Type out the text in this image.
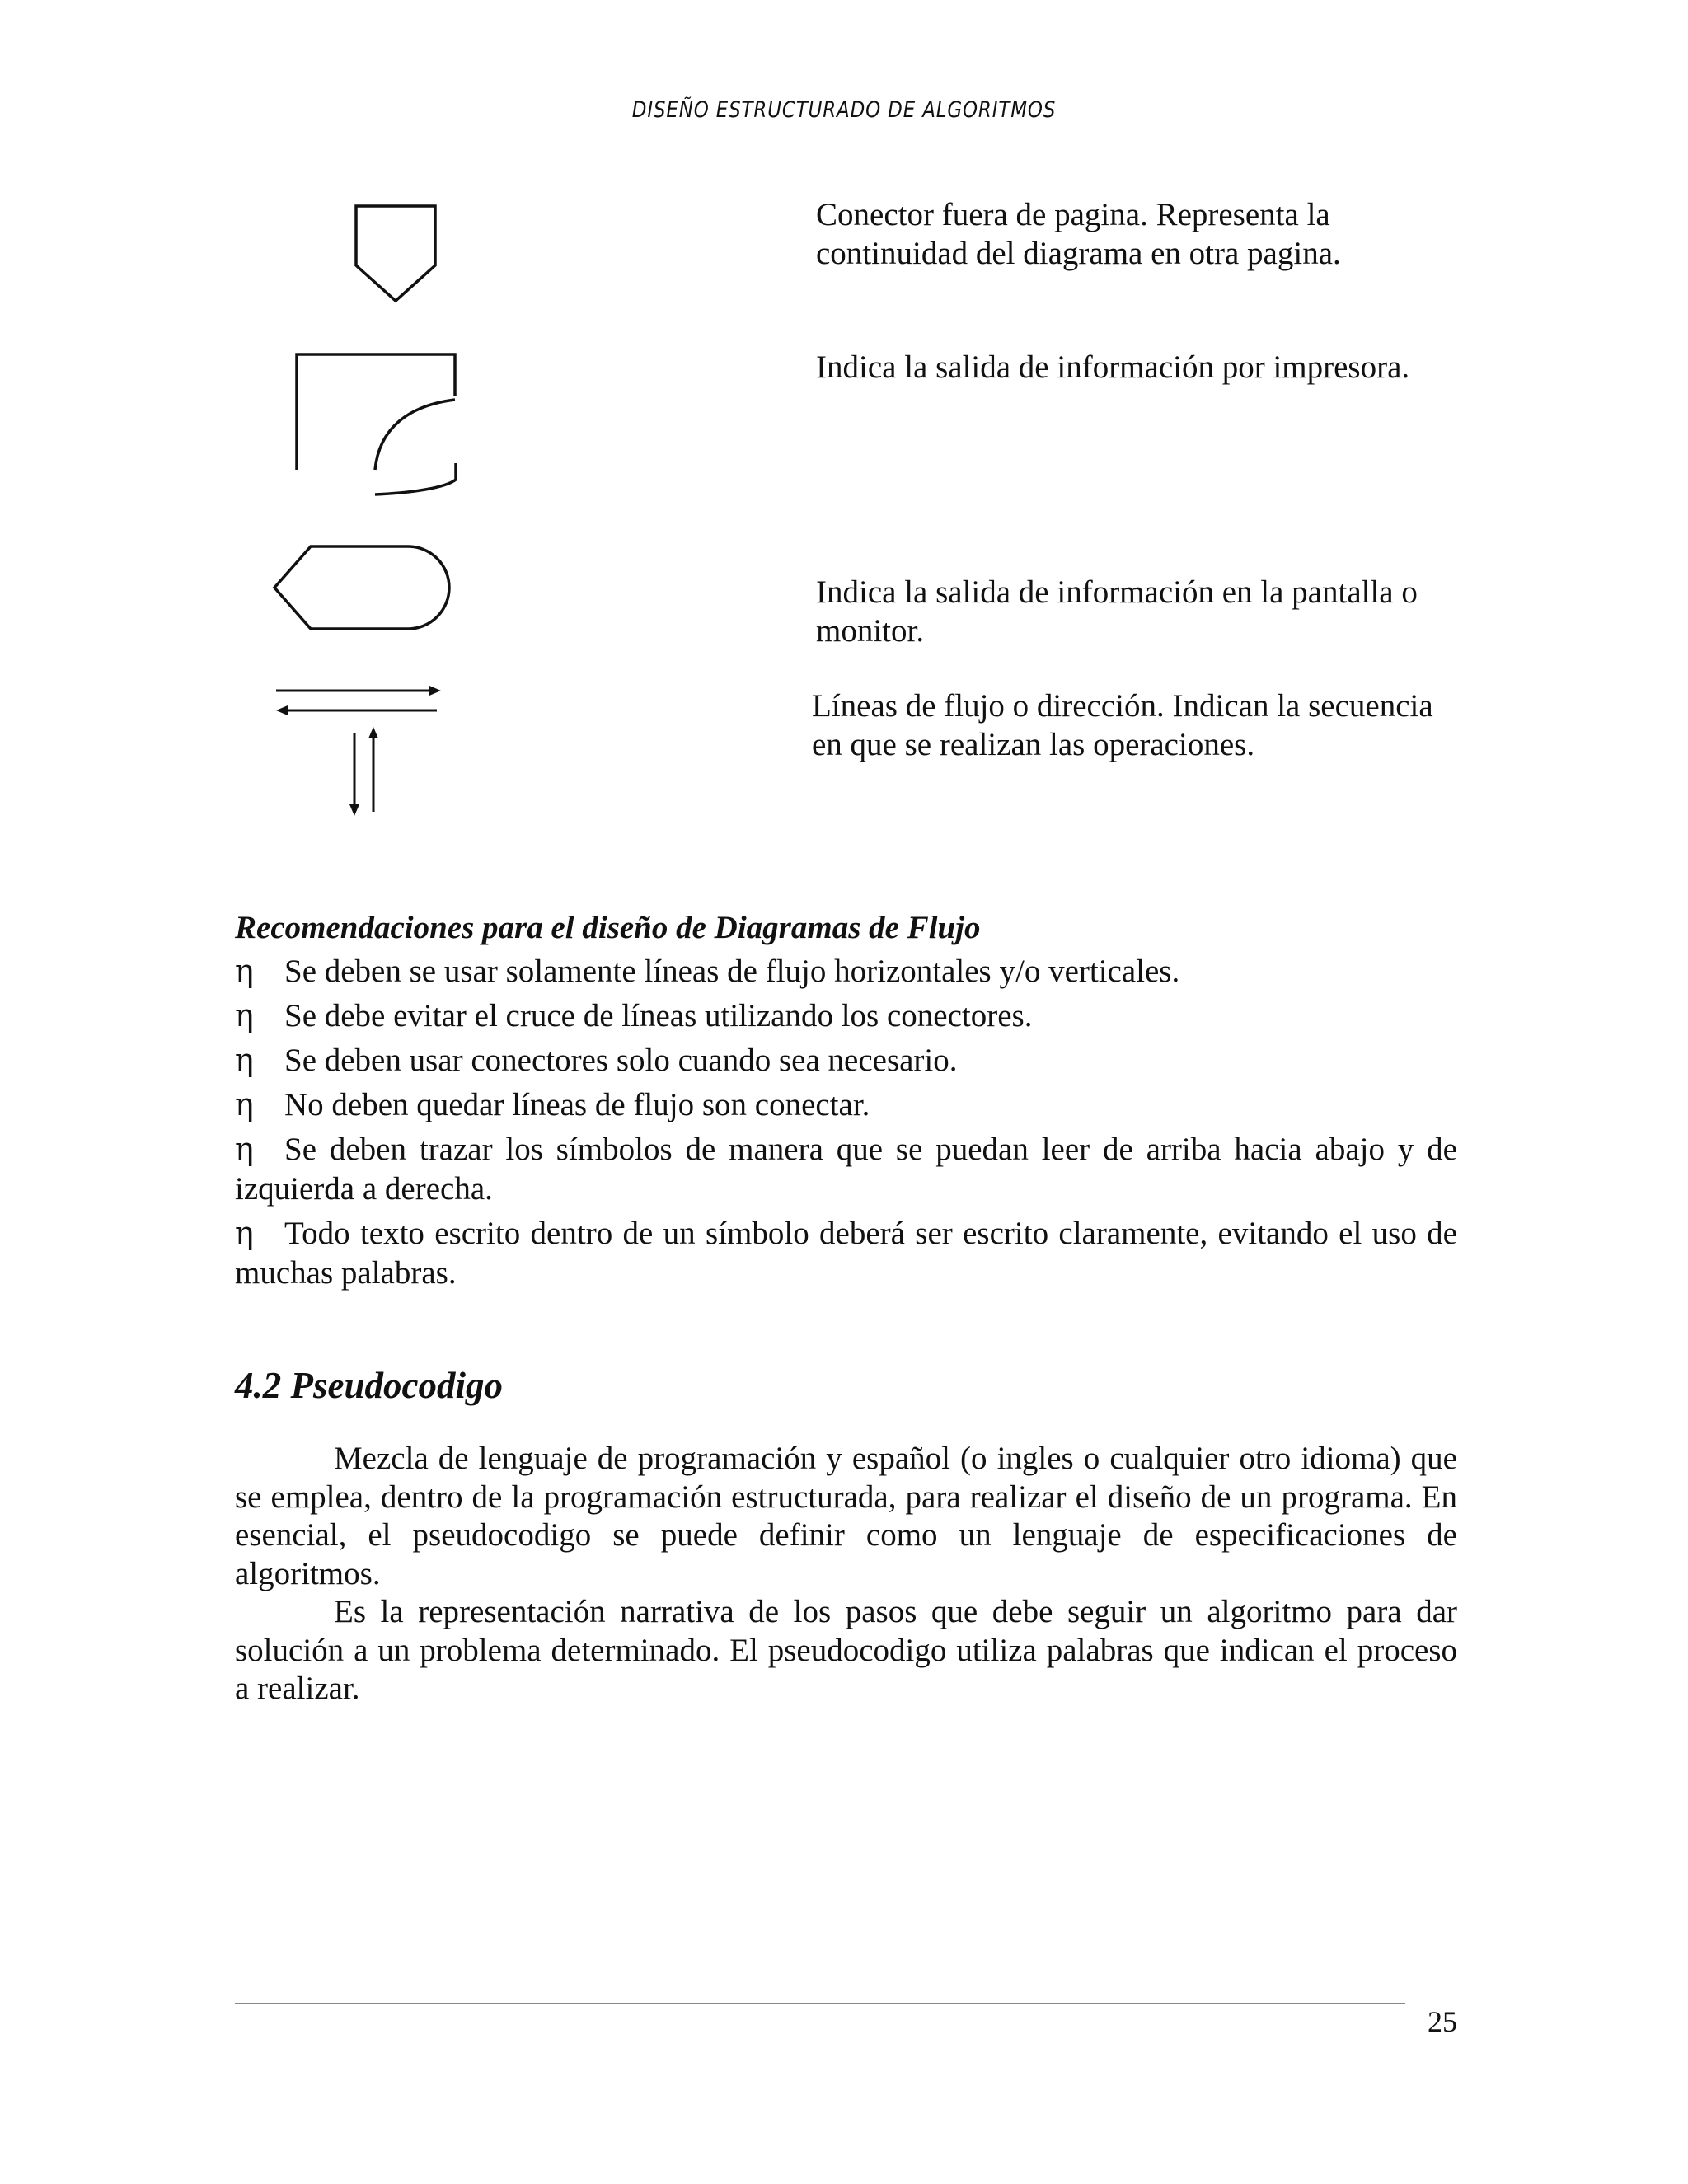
DISEÑO ESTRUCTURADO DE ALGORITMOS
Conector fuera de pagina. Representa la continuidad del diagrama en otra pagina.
Indica la salida de información por impresora.
Indica la salida de información en la pantalla o monitor.
Líneas de flujo o dirección. Indican la secuencia en que se realizan las operaciones.
Recomendaciones para el diseño de Diagramas de Flujo
η Se deben se usar solamente líneas de flujo horizontales y/o verticales.
η Se debe evitar el cruce de líneas utilizando los conectores.
η Se deben usar conectores solo cuando sea necesario.
η No deben quedar líneas de flujo son conectar.
η Se deben trazar los símbolos de manera que se puedan leer de arriba hacia abajo y de izquierda a derecha.
η Todo texto escrito dentro de un símbolo deberá ser escrito claramente, evitando el uso de muchas palabras.
4.2 Pseudocodigo

Mezcla de lenguaje de programación y español (o ingles o cualquier otro idioma) que se emplea, dentro de la programación estructurada, para realizar el diseño de un programa. En esencial, el pseudocodigo se puede definir como un lenguaje de especificaciones de algoritmos.

Es la representación narrativa de los pasos que debe seguir un algoritmo para dar solución a un problema determinado. El pseudocodigo utiliza palabras que indican el proceso a realizar.

25
